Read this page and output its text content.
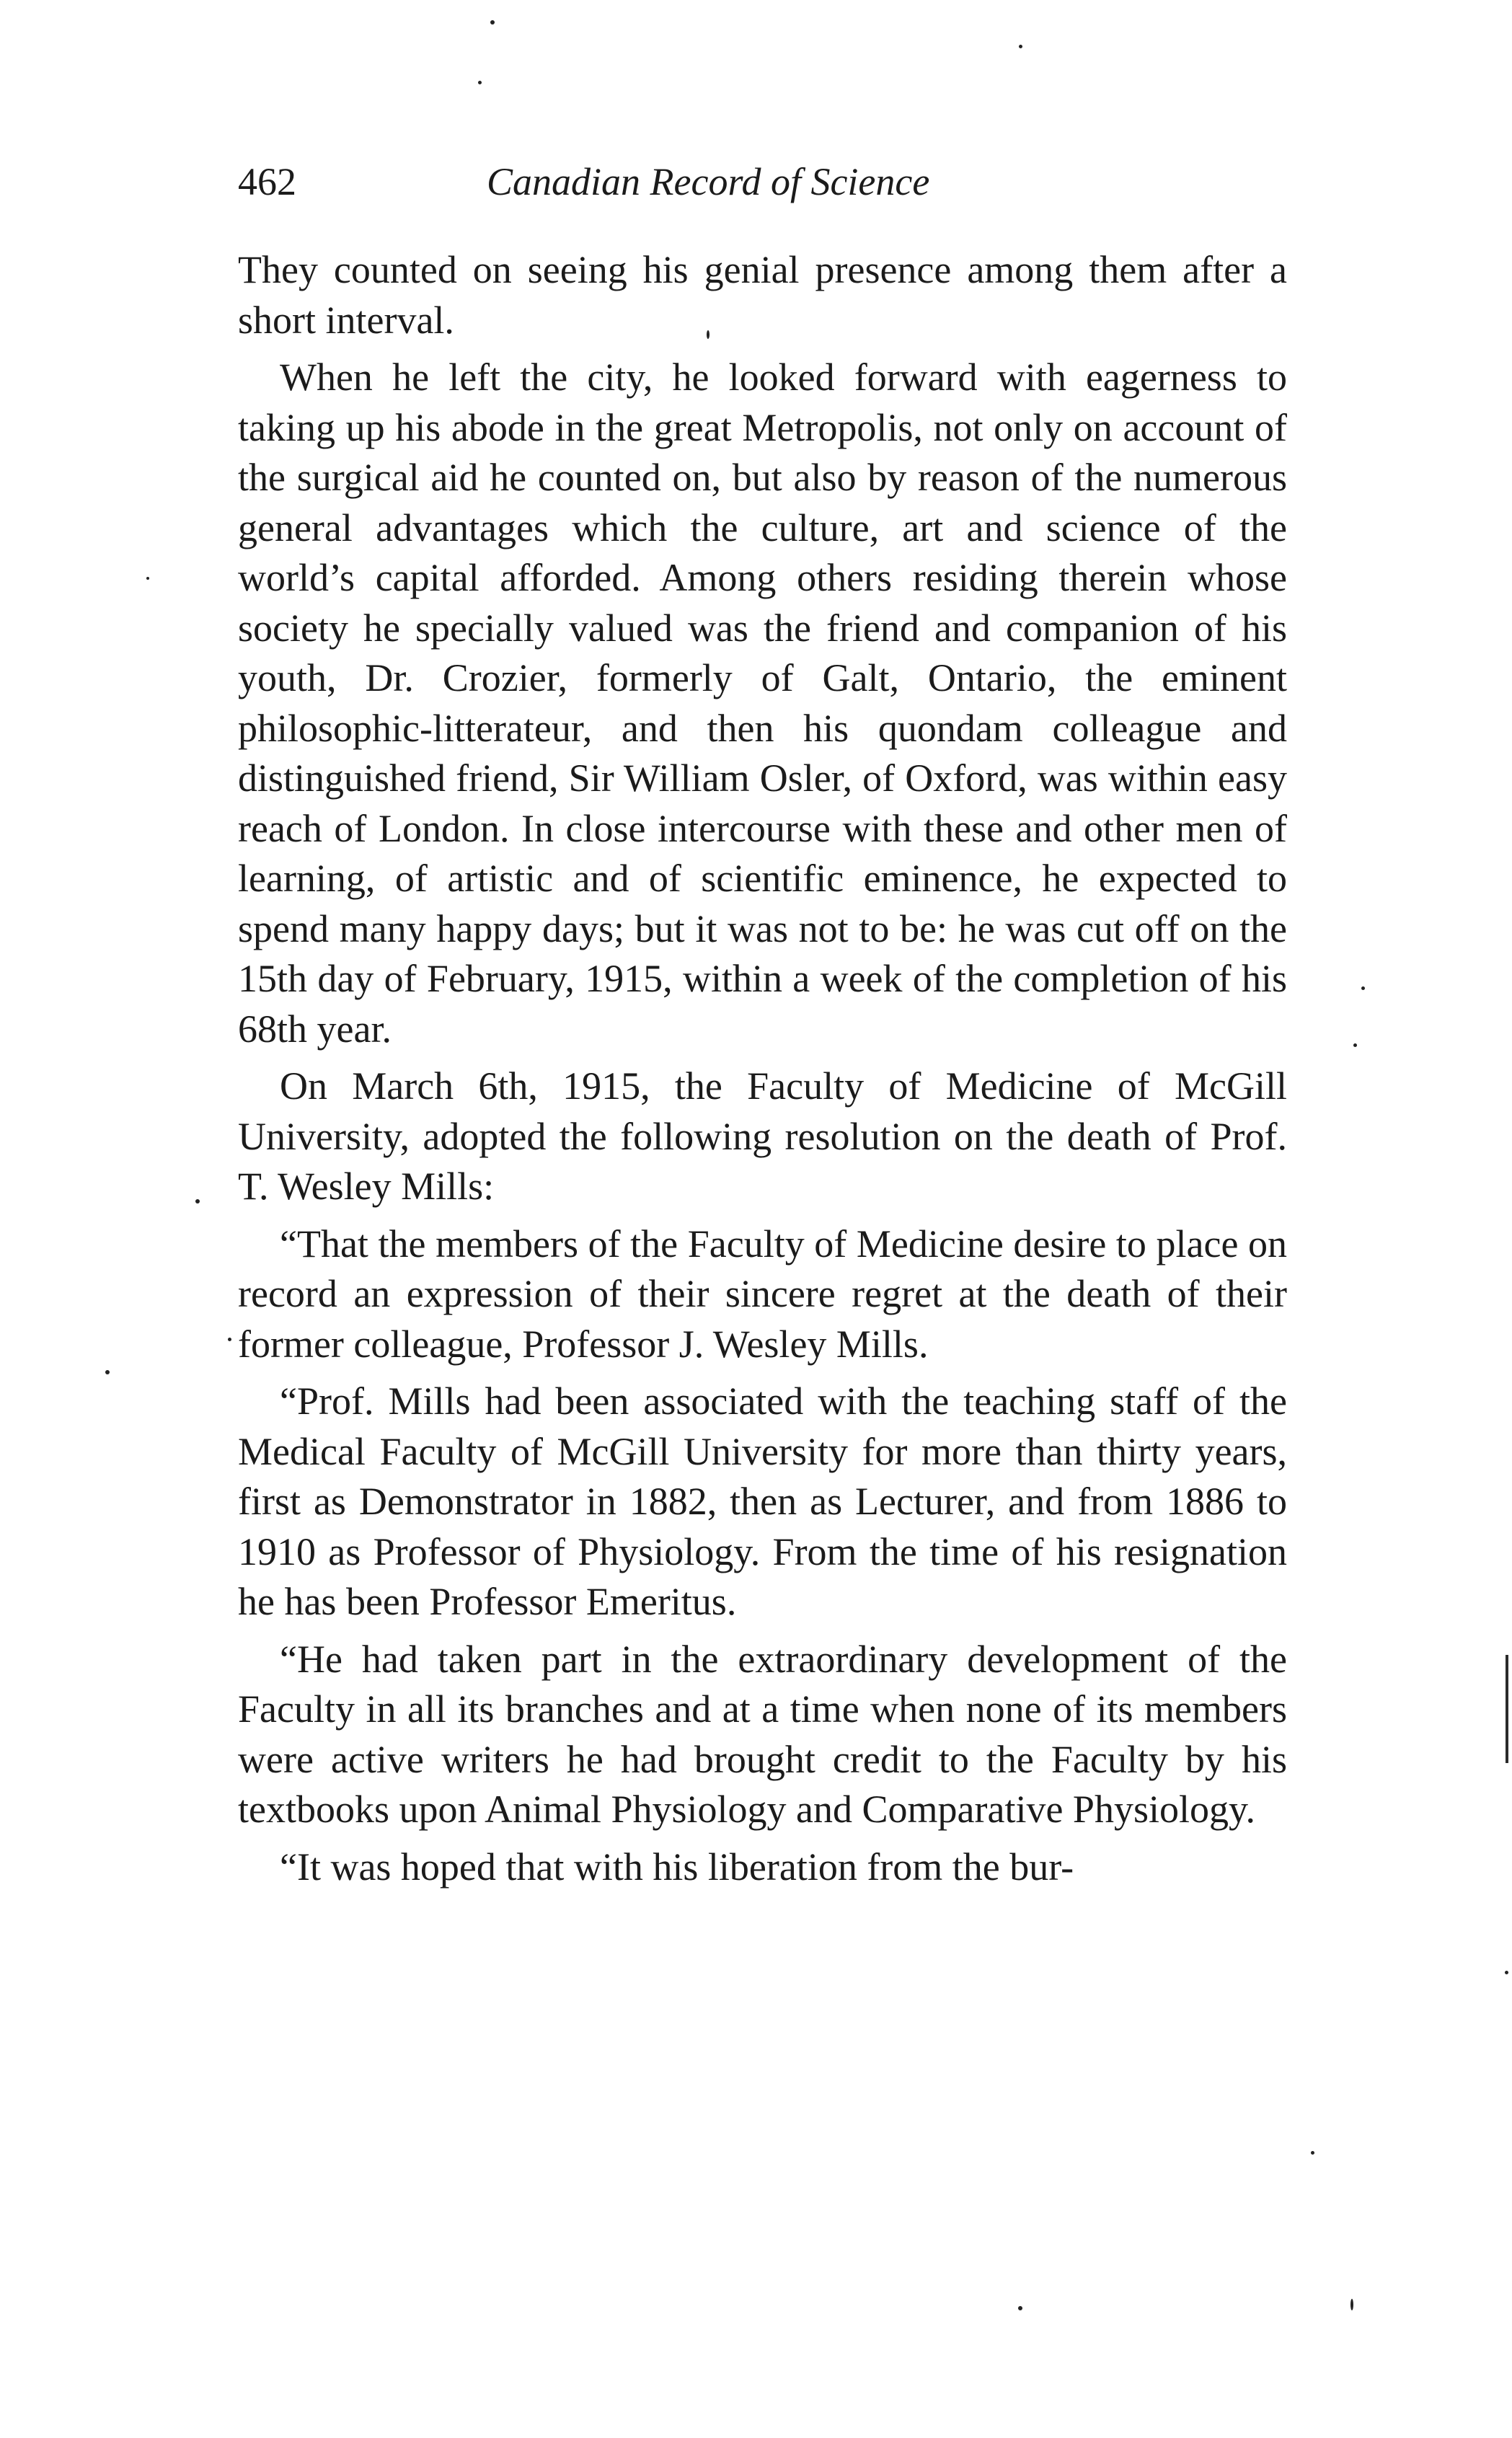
462	Canadian Record of Science

They counted on seeing his genial presence among them after a short interval.

When he left the city, he looked forward with eagerness to taking up his abode in the great Metropolis, not only on account of the surgical aid he counted on, but also by reason of the numerous general advantages which the culture, art and science of the world’s capital afforded. Among others residing therein whose society he specially valued was the friend and companion of his youth, Dr. Crozier, formerly of Galt, Ontario, the eminent philosophic-litterateur, and then his quondam colleague and distinguished friend, Sir William Osler, of Oxford, was within easy reach of London. In close intercourse with these and other men of learning, of artistic and of scientific eminence, he expected to spend many happy days; but it was not to be: he was cut off on the 15th day of February, 1915, within a week of the completion of his 68th year.

On March 6th, 1915, the Faculty of Medicine of McGill University, adopted the following resolution on the death of Prof. T. Wesley Mills:

“That the members of the Faculty of Medicine desire to place on record an expression of their sincere regret at the death of their former colleague, Professor J. Wesley Mills.

“Prof. Mills had been associated with the teaching staff of the Medical Faculty of McGill University for more than thirty years, first as Demonstrator in 1882, then as Lecturer, and from 1886 to 1910 as Professor of Physiology. From the time of his resignation he has been Professor Emeritus.

“He had taken part in the extraordinary development of the Faculty in all its branches and at a time when none of its members were active writers he had brought credit to the Faculty by his textbooks upon Animal Physiology and Comparative Physiology.

“It was hoped that with his liberation from the bur-
